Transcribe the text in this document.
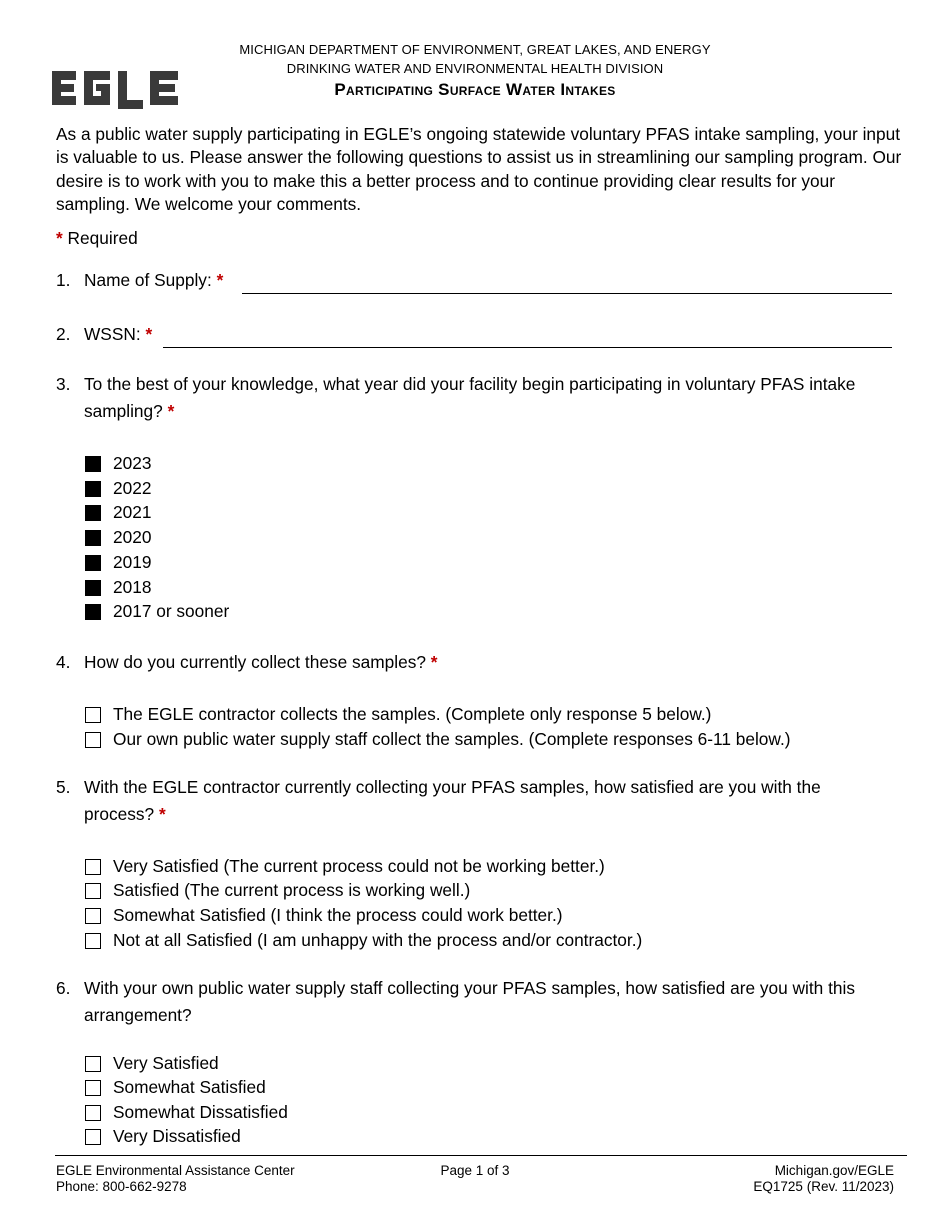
MICHIGAN DEPARTMENT OF ENVIRONMENT, GREAT LAKES, AND ENERGY
DRINKING WATER AND ENVIRONMENTAL HEALTH DIVISION
Participating Surface Water Intakes
As a public water supply participating in EGLE’s ongoing statewide voluntary PFAS intake sampling, your input is valuable to us. Please answer the following questions to assist us in streamlining our sampling program. Our desire is to work with you to make this a better process and to continue providing clear results for your sampling. We welcome your comments.
* Required
1. Name of Supply: *
2. WSSN: *
3. To the best of your knowledge, what year did your facility begin participating in voluntary PFAS intake sampling? *
2023
2022
2021
2020
2019
2018
2017 or sooner
4. How do you currently collect these samples? *
The EGLE contractor collects the samples. (Complete only response 5 below.)
Our own public water supply staff collect the samples. (Complete responses 6-11 below.)
5. With the EGLE contractor currently collecting your PFAS samples, how satisfied are you with the process? *
Very Satisfied (The current process could not be working better.)
Satisfied (The current process is working well.)
Somewhat Satisfied (I think the process could work better.)
Not at all Satisfied (I am unhappy with the process and/or contractor.)
6. With your own public water supply staff collecting your PFAS samples, how satisfied are you with this arrangement?
Very Satisfied
Somewhat Satisfied
Somewhat Dissatisfied
Very Dissatisfied
EGLE Environmental Assistance Center
Phone: 800-662-9278
Page 1 of 3	Michigan.gov/EGLE
EQ1725 (Rev. 11/2023)
